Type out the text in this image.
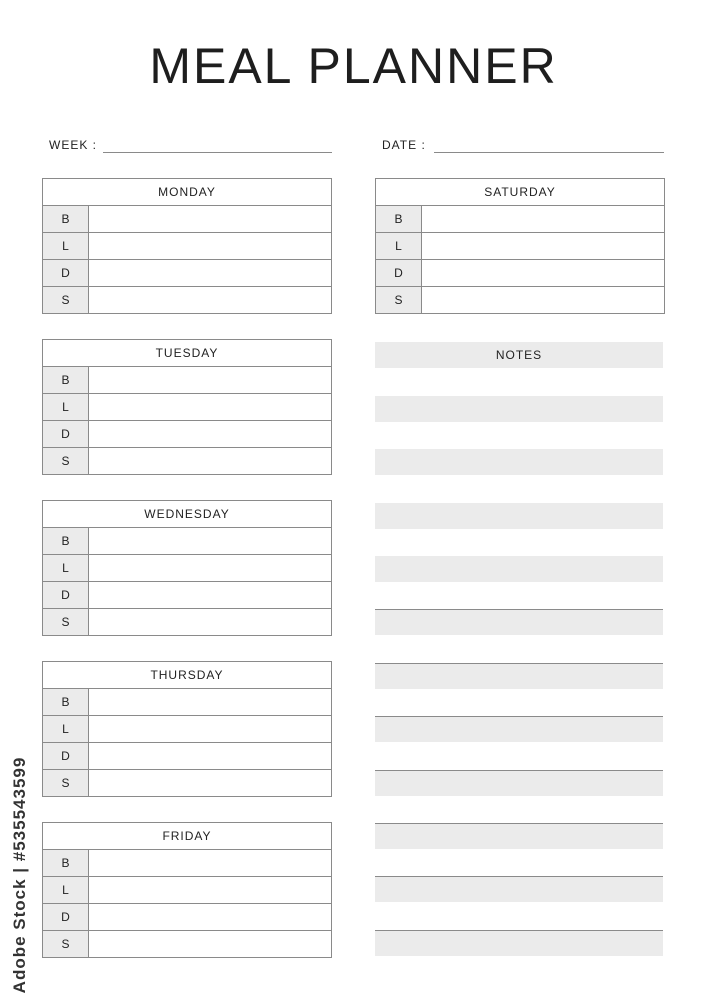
MEAL PLANNER
WEEK :	DATE :
MONDAY
B
L
D
S
TUESDAY
B
L
D
S
WEDNESDAY
B
L
D
S
THURSDAY
B
L
D
S
FRIDAY
B
L
D
S
SATURDAY
B
L
D
S
NOTES
Adobe Stock | #535543599
